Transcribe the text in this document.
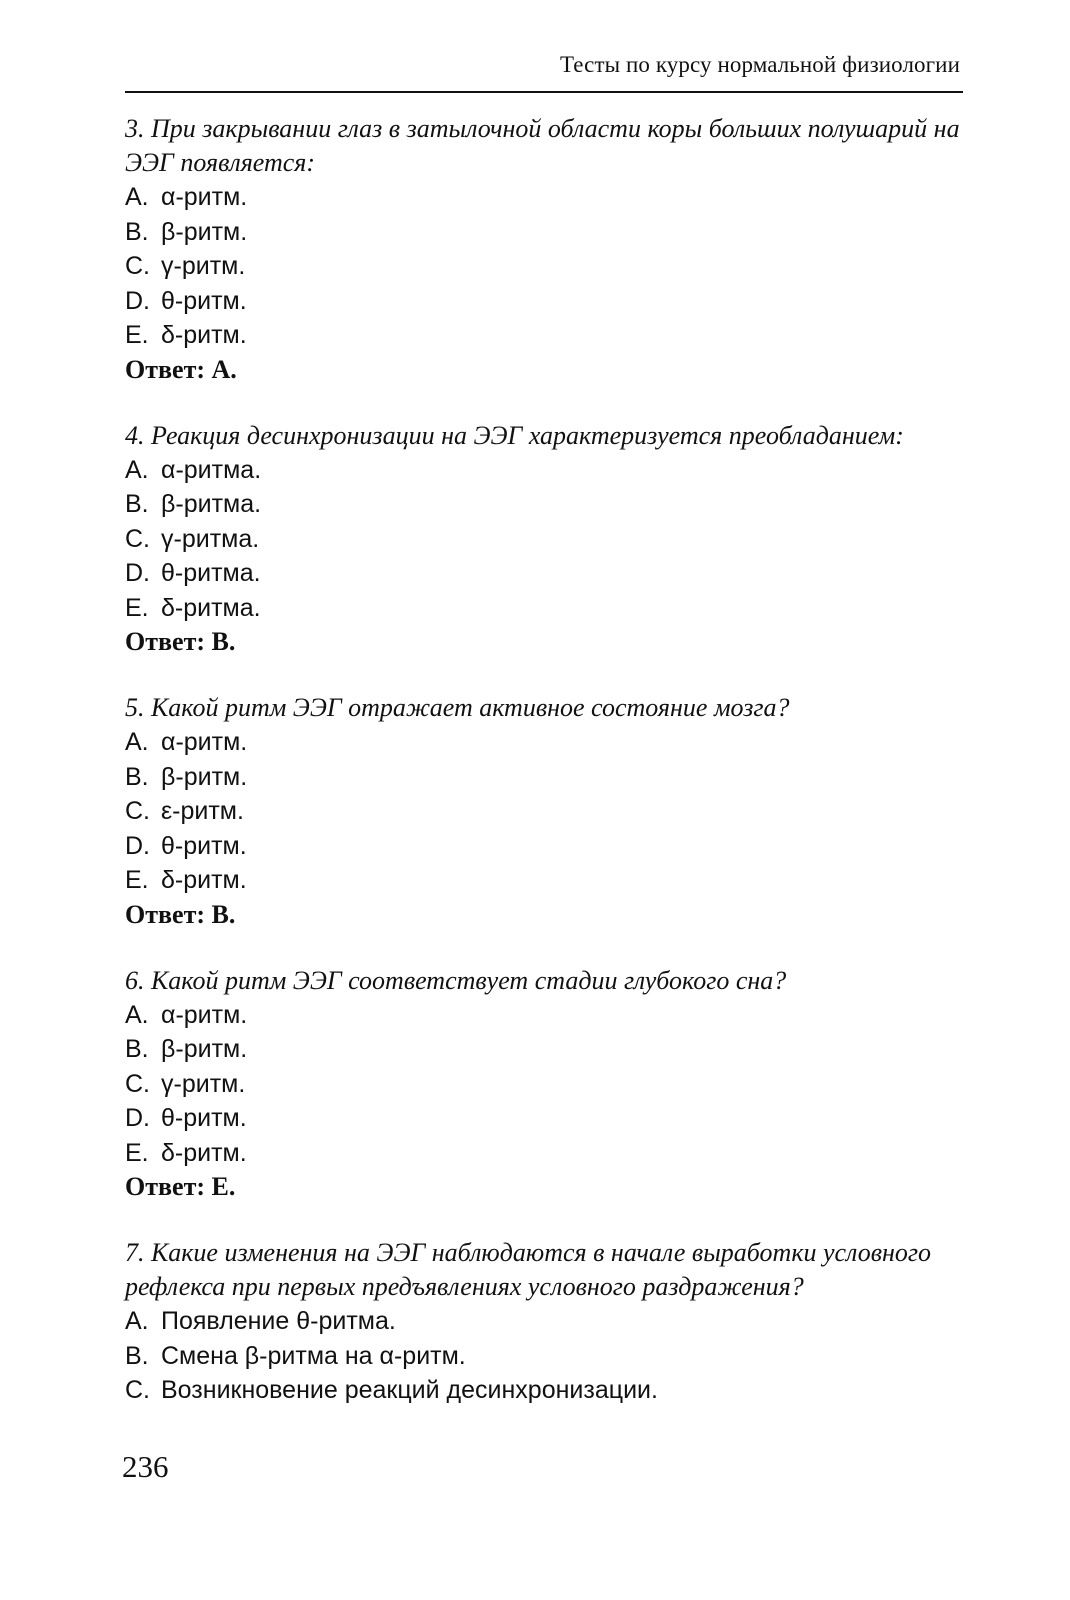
Тесты по курсу нормальной физиологии

3. При закрывании глаз в затылочной области коры больших полушарий на ЭЭГ появляется:

A. α-ритм.
B. β-ритм.
C. γ-ритм.
D. θ-ритм.
E. δ-ритм.

Ответ: А.

4. Реакция десинхронизации на ЭЭГ характеризуется преобладанием:

A. α-ритма.
B. β-ритма.
C. γ-ритма.
D. θ-ритма.
E. δ-ритма.

Ответ: В.

5. Какой ритм ЭЭГ отражает активное состояние мозга?

A. α-ритм.
B. β-ритм.
C. ε-ритм.
D. θ-ритм.
E. δ-ритм.

Ответ: В.

6. Какой ритм ЭЭГ соответствует стадии глубокого сна?

A. α-ритм.
B. β-ритм.
C. γ-ритм.
D. θ-ритм.
E. δ-ритм.

Ответ: Е.

7. Какие изменения на ЭЭГ наблюдаются в начале выработки условного рефлекса при первых предъявлениях условного раздражения?

A. Появление θ-ритма.
B. Смена β-ритма на α-ритм.
C. Возникновение реакций десинхронизации.
236
